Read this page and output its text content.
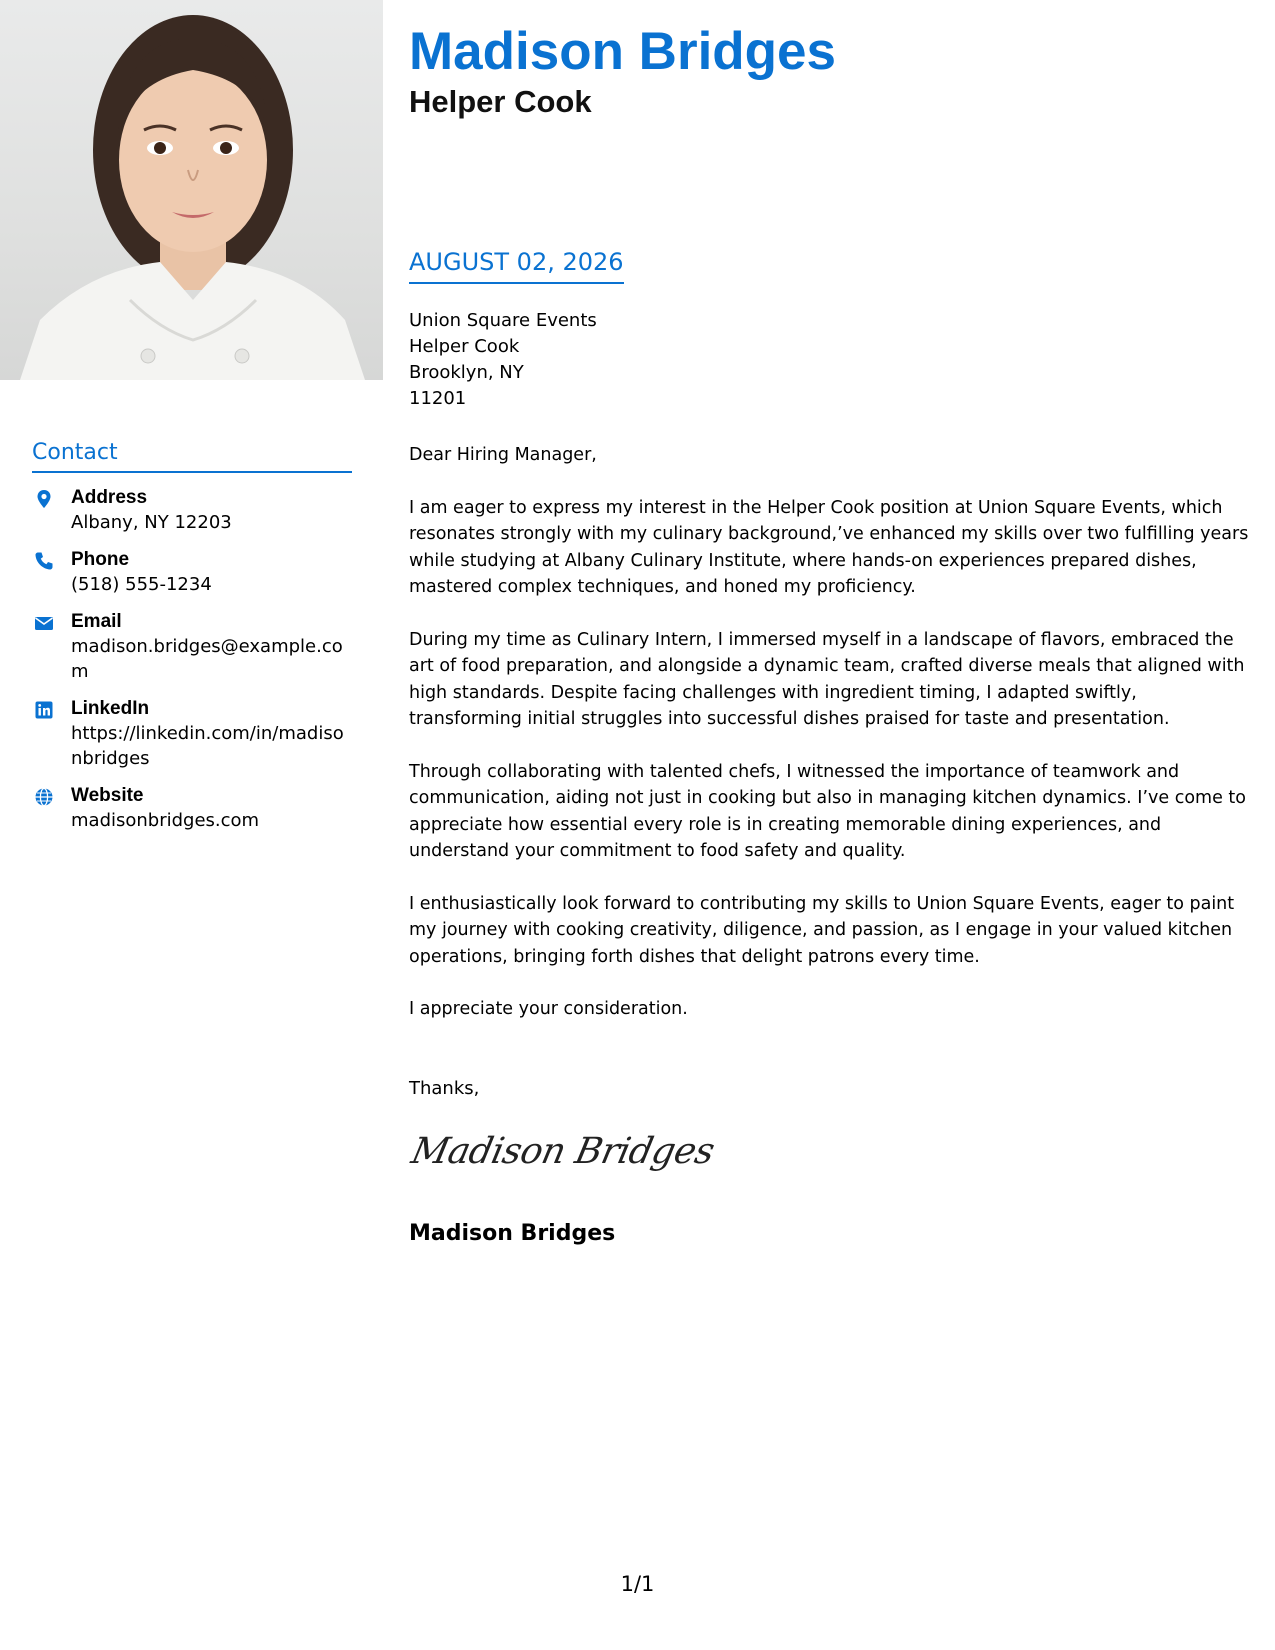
Madison Bridges
Helper Cook
AUGUST 02, 2026
Union Square Events
Helper Cook
Brooklyn, NY
11201

Dear Hiring Manager,

I am eager to express my interest in the Helper Cook position at Union Square Events, which resonates strongly with my culinary background,’ve enhanced my skills over two fulfilling years while studying at Albany Culinary Institute, where hands-on experiences prepared dishes, mastered complex techniques, and honed my proficiency.

During my time as Culinary Intern, I immersed myself in a landscape of flavors, embraced the art of food preparation, and alongside a dynamic team, crafted diverse meals that aligned with high standards. Despite facing challenges with ingredient timing, I adapted swiftly, transforming initial struggles into successful dishes praised for taste and presentation.

Through collaborating with talented chefs, I witnessed the importance of teamwork and communication, aiding not just in cooking but also in managing kitchen dynamics. I’ve come to appreciate how essential every role is in creating memorable dining experiences, and understand your commitment to food safety and quality.

I enthusiastically look forward to contributing my skills to Union Square Events, eager to paint my journey with cooking creativity, diligence, and passion, as I engage in your valued kitchen operations, bringing forth dishes that delight patrons every time.

I appreciate your consideration.

Thanks,
Madison Bridges
Madison Bridges
Contact
Address
Albany, NY 12203
Phone
(518) 555-1234
Email
madison.bridges@example.com
LinkedIn
https://linkedin.com/in/madisonbridges
Website
madisonbridges.com
1/1
